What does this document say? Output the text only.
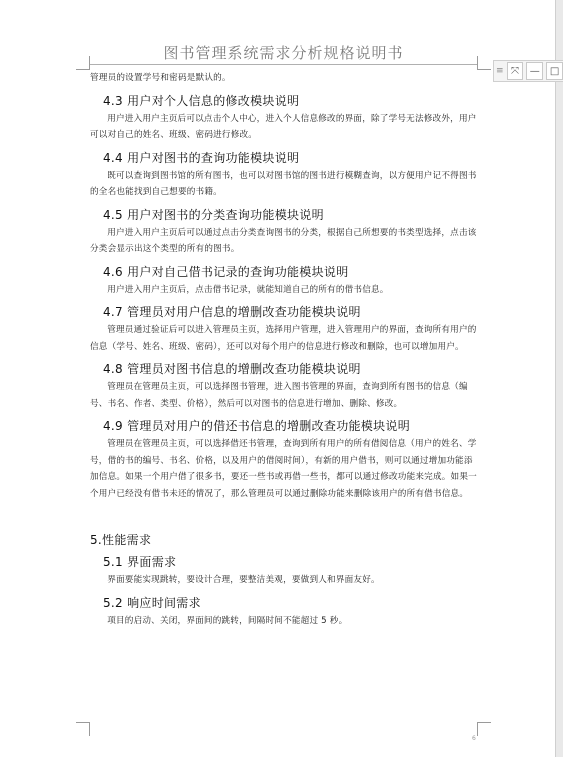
图书管理系统需求分析规格说明书

管理员的设置学号和密码是默认的。

4.3 用户对个人信息的修改模块说明

用户进入用户主页后可以点击个人中心，进入个人信息修改的界面，除了学号无法修改外，用户可以对自己的姓名、班级、密码进行修改。

4.4 用户对图书的查询功能模块说明

既可以查询到图书馆的所有图书，也可以对图书馆的图书进行模糊查询，以方便用户记不得图书的全名也能找到自己想要的书籍。

4.5 用户对图书的分类查询功能模块说明

用户进入用户主页后可以通过点击分类查询图书的分类，根据自己所想要的书类型选择，点击该分类会显示出这个类型的所有的图书。

4.6 用户对自己借书记录的查询功能模块说明

用户进入用户主页后，点击借书记录，就能知道自己的所有的借书信息。

4.7 管理员对用户信息的增删改查功能模块说明

管理员通过验证后可以进入管理员主页，选择用户管理，进入管理用户的界面，查询所有用户的信息（学号、姓名、班级、密码），还可以对每个用户的信息进行修改和删除，也可以增加用户。

4.8 管理员对图书信息的增删改查功能模块说明

管理员在管理员主页，可以选择图书管理，进入图书管理的界面，查询到所有图书的信息（编号、书名、作者、类型、价格），然后可以对图书的信息进行增加、删除、修改。

4.9 管理员对用户的借还书信息的增删改查功能模块说明

管理员在管理员主页，可以选择借还书管理，查询到所有用户的所有借阅信息（用户的姓名、学号，借的书的编号、书名、价格，以及用户的借阅时间），有新的用户借书，则可以通过增加功能添加信息。如果一个用户借了很多书，要还一些书或再借一些书，都可以通过修改功能来完成。如果一个用户已经没有借书未还的情况了，那么管理员可以通过删除功能来删除该用户的所有借书信息。

5.性能需求
5.1 界面需求

界面要能实现跳转，要设计合理，要整洁美观，要做到人和界面友好。

5.2 响应时间需求

项目的启动、关闭，界面间的跳转，间隔时间不能超过 5 秒。

6
≡ ⤧	—	□
